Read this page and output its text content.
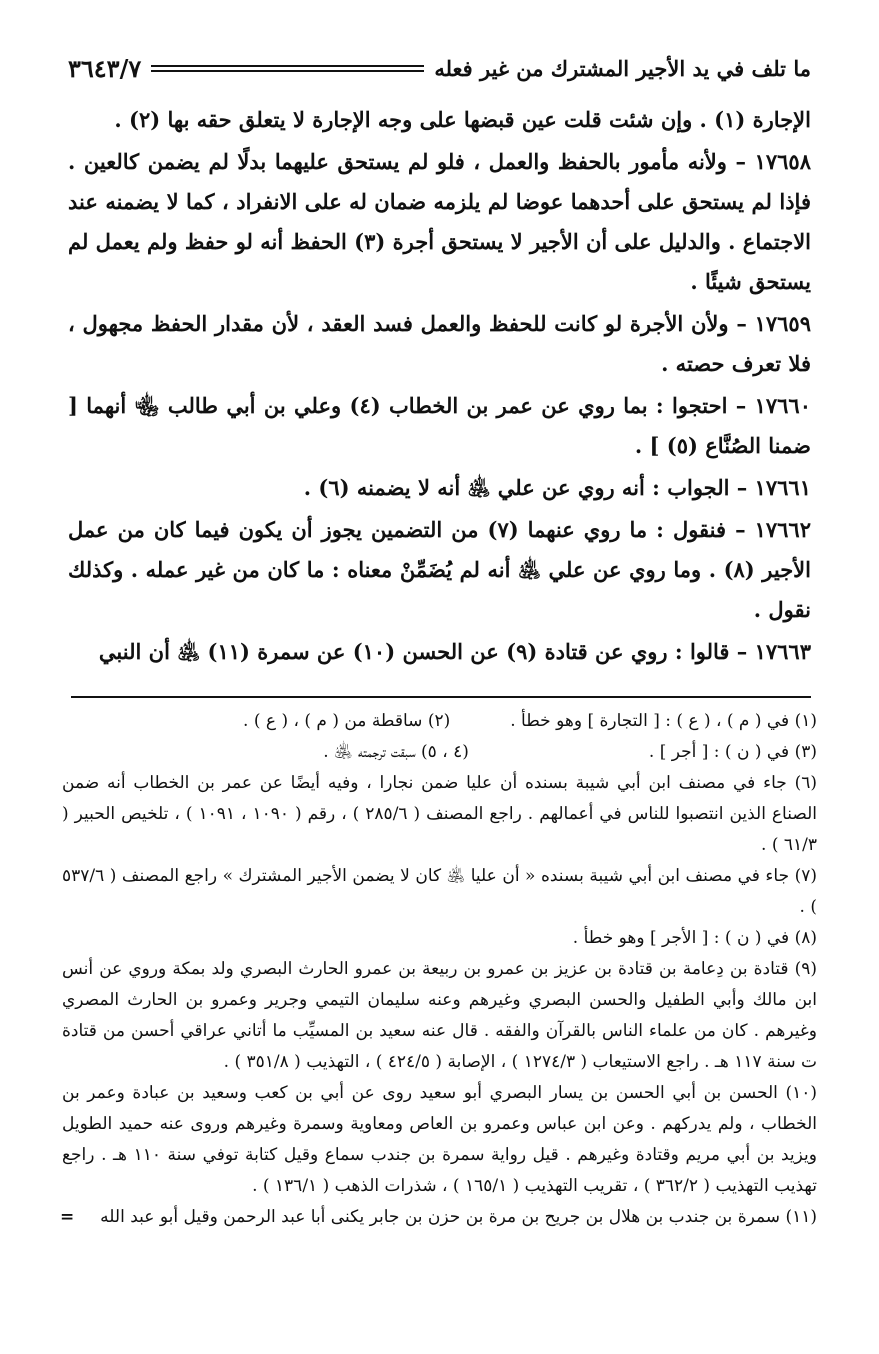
ما تلف في يد الأجير المشترك من غير فعله
٣٦٤٣/٧

الإجارة (١) . وإن شئت قلت عين قبضها على وجه الإجارة لا يتعلق حقه بها (٢) .

١٧٦٥٨ – ولأنه مأمور بالحفظ والعمل ، فلو لم يستحق عليهما بدلًا لم يضمن كالعين . فإذا لم يستحق على أحدهما عوضا لم يلزمه ضمان له على الانفراد ، كما لا يضمنه عند الاجتماع . والدليل على أن الأجير لا يستحق أجرة (٣) الحفظ أنه لو حفظ ولم يعمل لم يستحق شيئًا .

١٧٦٥٩ – ولأن الأجرة لو كانت للحفظ والعمل فسد العقد ، لأن مقدار الحفظ مجهول ، فلا تعرف حصته .

١٧٦٦٠ – احتجوا : بما روي عن عمر بن الخطاب (٤) وعلي بن أبي طالب ﵄ أنهما [ ضمنا الصُنَّاع (٥) ] .

١٧٦٦١ – الجواب : أنه روي عن علي ﵁ أنه لا يضمنه (٦) .

١٧٦٦٢ – فنقول : ما روي عنهما (٧) من التضمين يجوز أن يكون فيما كان من عمل الأجير (٨) . وما روي عن علي ﵁ أنه لم يُضَمِّنْ معناه : ما كان من غير عمله . وكذلك نقول .

١٧٦٦٣ – قالوا : روي عن قتادة (٩) عن الحسن (١٠) عن سمرة (١١) ﵁ أن النبي

(١) في ( م ) ، ( ع ) : [ التجارة ] وهو خطأ .

(٢) ساقطة من ( م ) ، ( ع ) .

(٣) في ( ن ) : [ أجر ] .

(٤ ، ٥) سبقت ترجمته ﵁ .

(٦) جاء في مصنف ابن أبي شيبة بسنده أن عليا ضمن نجارا ، وفيه أيضًا عن عمر بن الخطاب أنه ضمن الصناع الذين انتصبوا للناس في أعمالهم . راجع المصنف ( ٢٨٥/٦ ) ، رقم ( ١٠٩٠ ، ١٠٩١ ) ، تلخيص الحبير ( ٦١/٣ ) .

(٧) جاء في مصنف ابن أبي شيبة بسنده « أن عليا ﵁ كان لا يضمن الأجير المشترك » راجع المصنف ( ٥٣٧/٦ ) .

(٨) في ( ن ) : [ الأجر ] وهو خطأ .

(٩) قتادة بن دِعامة بن قتادة بن عزيز بن عمرو بن ربيعة بن عمرو الحارث البصري ولد بمكة وروي عن أنس ابن مالك وأبي الطفيل والحسن البصري وغيرهم وعنه سليمان التيمي وجرير وعمرو بن الحارث المصري وغيرهم . كان من علماء الناس بالقرآن والفقه . قال عنه سعيد بن المسيِّب ما أتاني عراقي أحسن من قتادة ت سنة ١١٧ هـ . راجع الاستيعاب ( ١٢٧٤/٣ ) ، الإصابة ( ٤٢٤/٥ ) ، التهذيب ( ٣٥١/٨ ) .

(١٠) الحسن بن أبي الحسن بن يسار البصري أبو سعيد روى عن أبي بن كعب وسعيد بن عبادة وعمر بن الخطاب ، ولم يدركهم . وعن ابن عباس وعمرو بن العاص ومعاوية وسمرة وغيرهم وروى عنه حميد الطويل ويزيد بن أبي مريم وقتادة وغيرهم . قيل رواية سمرة بن جندب سماع وقيل كتابة توفي سنة ١١٠ هـ . راجع تهذيب التهذيب ( ٣٦٢/٢ ) ، تقريب التهذيب ( ١٦٥/١ ) ، شذرات الذهب ( ١٣٦/١ ) .

(١١) سمرة بن جندب بن هلال بن جريح بن مرة بن حزن بن جابر يكنى أبا عبد الرحمن وقيل أبو عبد الله
=
